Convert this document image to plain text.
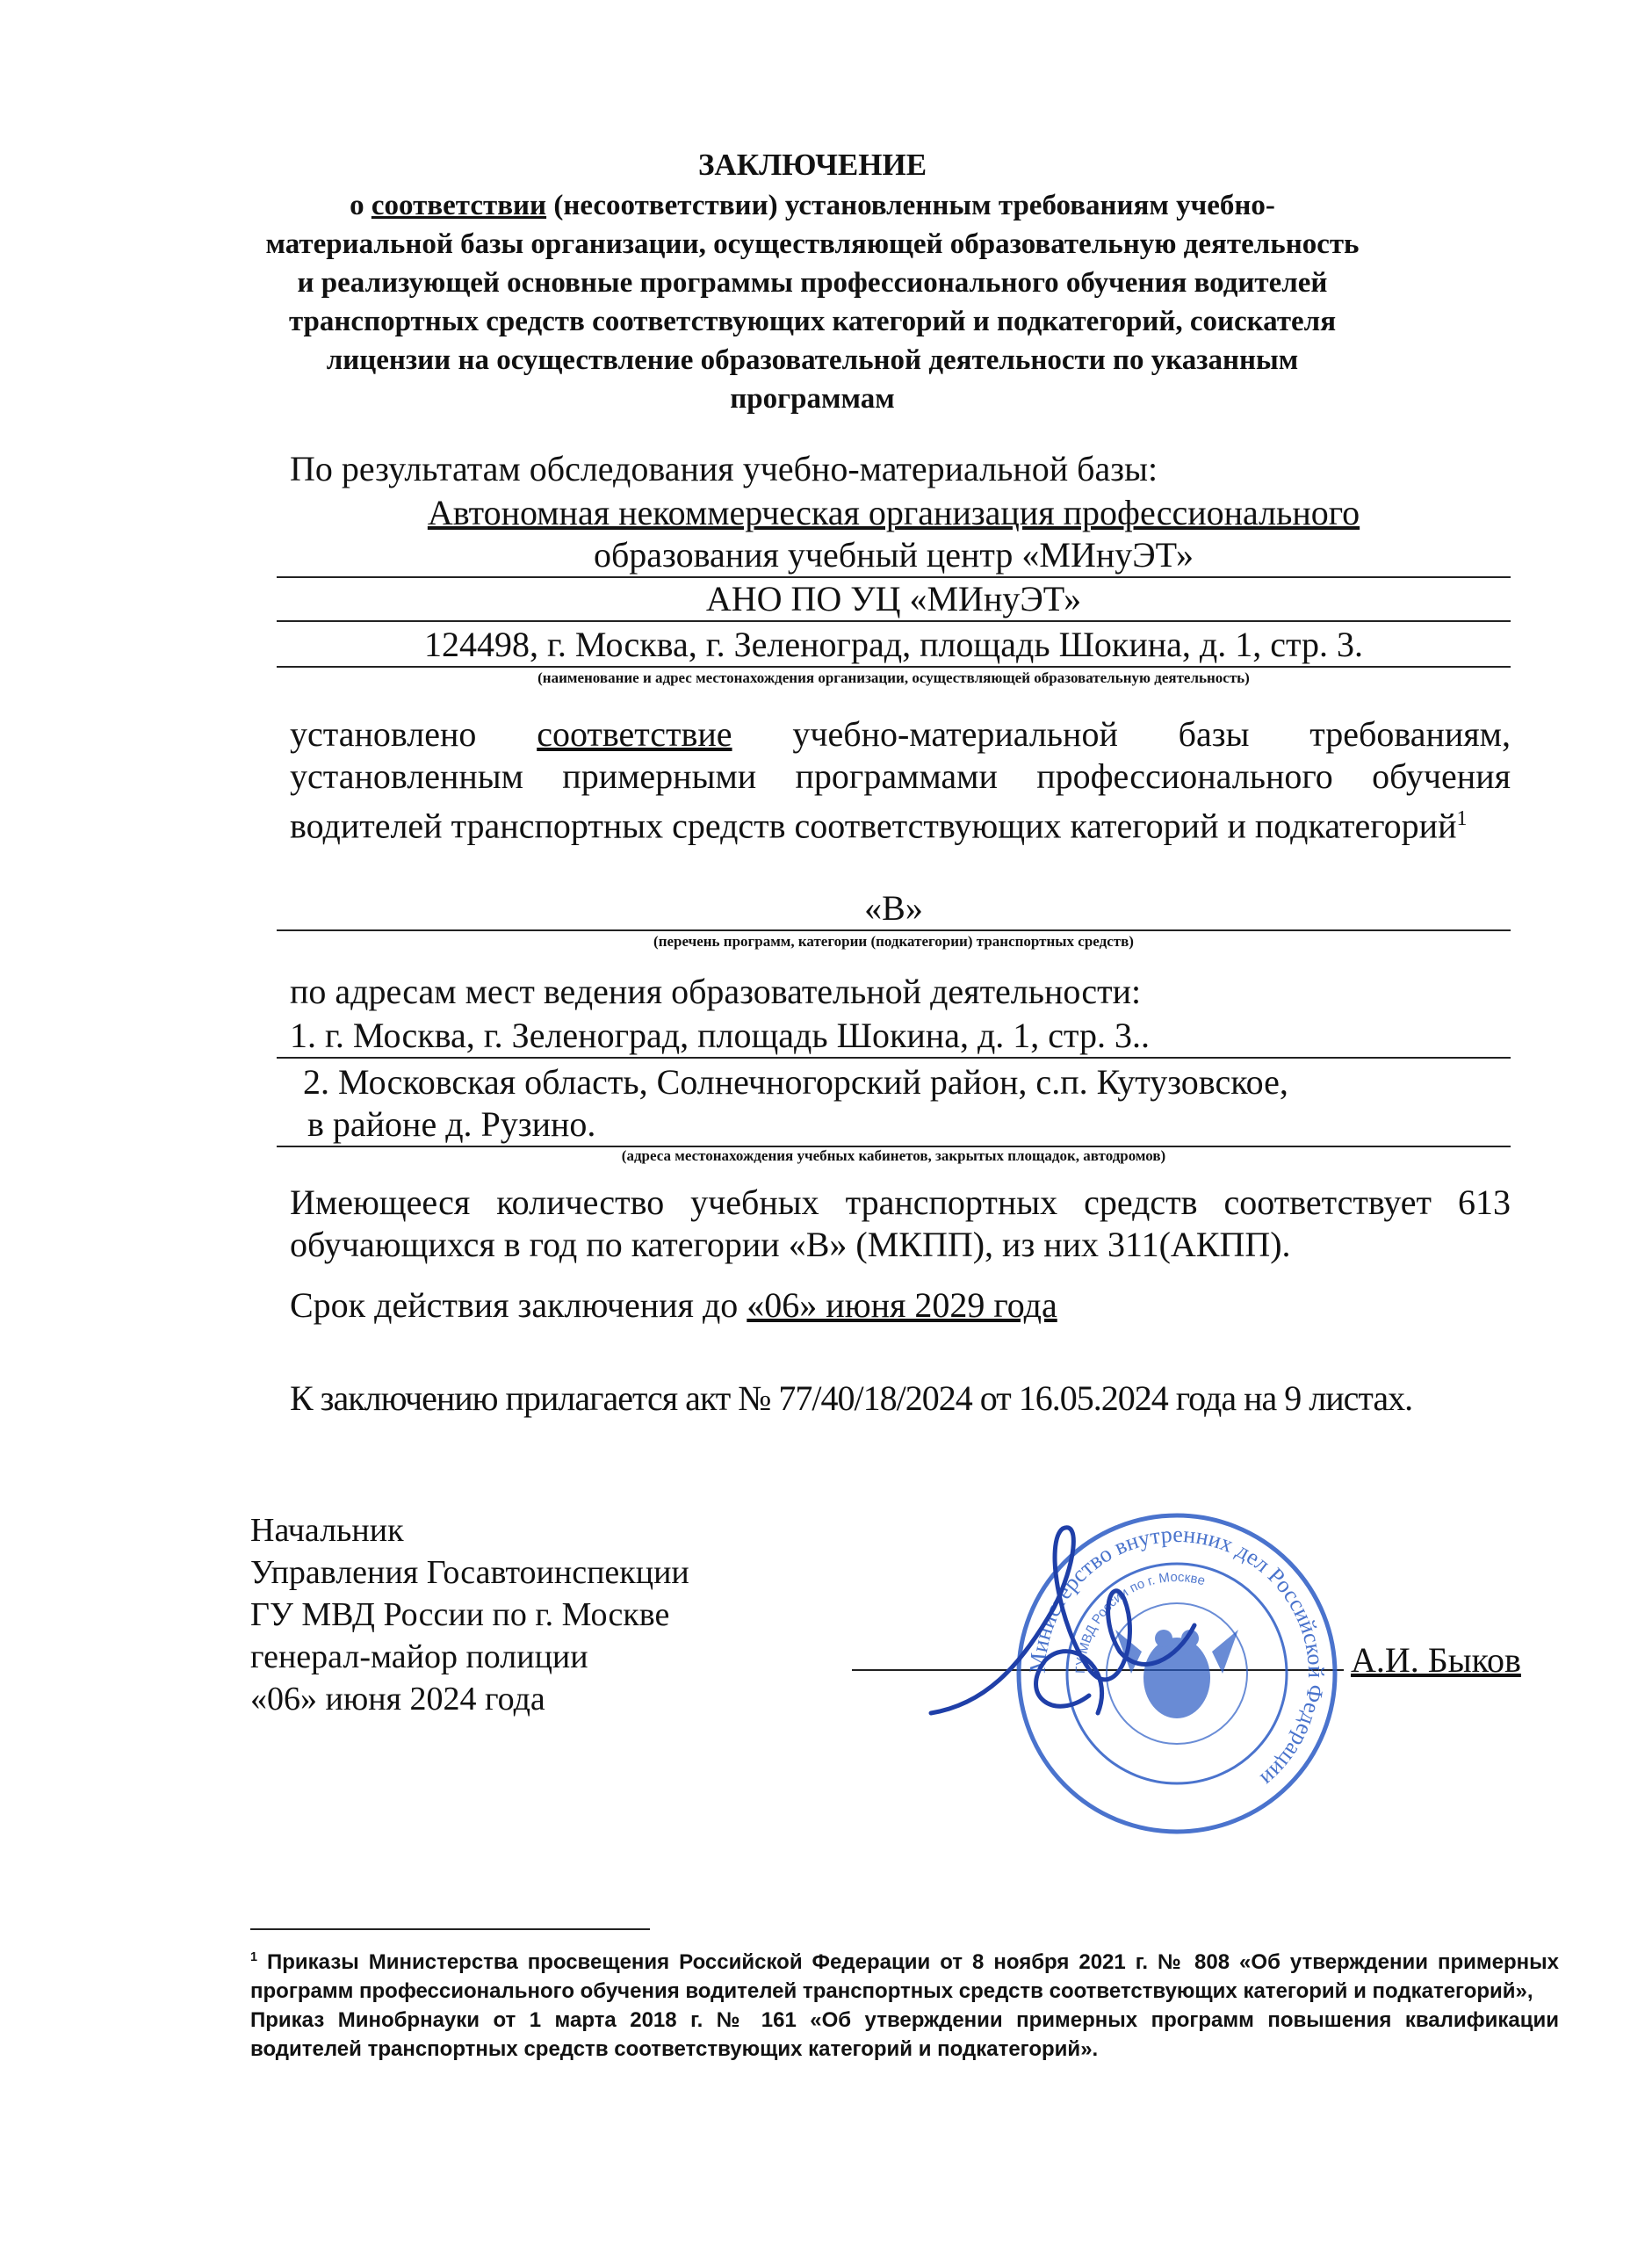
ЗАКЛЮЧЕНИЕ

о соответствии (несоответствии) установленным требованиям учебно-материальной базы организации, осуществляющей образовательную деятельность и реализующей основные программы профессионального обучения водителей транспортных средств соответствующих категорий и подкатегорий, соискателя лицензии на осуществление образовательной деятельности по указанным программам

По результатам обследования учебно-материальной базы:
Автономная некоммерческая организация профессионального
образования учебный центр «МИнуЭТ»
АНО ПО УЦ «МИнуЭТ»
124498, г. Москва, г. Зеленоград, площадь Шокина, д. 1, стр. 3.
(наименование и адрес местонахождения организации, осуществляющей образовательную деятельность)
установлено соответствие учебно-материальной базы требованиям, установленным примерными программами профессионального обучения водителей транспортных средств соответствующих категорий и подкатегорий$^1$
«В»
(перечень программ, категории (подкатегории) транспортных средств)
по адресам мест ведения образовательной деятельности:
1. г. Москва, г. Зеленоград, площадь Шокина, д. 1, стр. 3..
2. Московская область, Солнечногорский район, с.п. Кутузовское,
в районе д. Рузино.
(адреса местонахождения учебных кабинетов, закрытых площадок, автодромов)
Имеющееся количество учебных транспортных средств соответствует 613 обучающихся в год по категории «В» (МКПП), из них 311(АКПП).
Срок действия заключения до «06» июня 2029 года
К заключению прилагается акт № 77/40/18/2024 от 16.05.2024 года на 9 листах.
Начальник
Управления Госавтоинспекции
ГУ МВД России по г. Москве
генерал-майор полиции
«06» июня 2024 года
Министерство внутренних дел Российской Федерации
ГУ МВД России по г. Москве
А.И. Быков
$^1$ Приказы Министерства просвещения Российской Федерации от 8 ноября 2021 г. № 808 «Об утверждении примерных программ профессионального обучения водителей транспортных средств соответствующих категорий и подкатегорий»,
Приказ Минобрнауки от 1 марта 2018 г. № 161 «Об утверждении примерных программ повышения квалификации водителей транспортных средств соответствующих категорий и подкатегорий».
